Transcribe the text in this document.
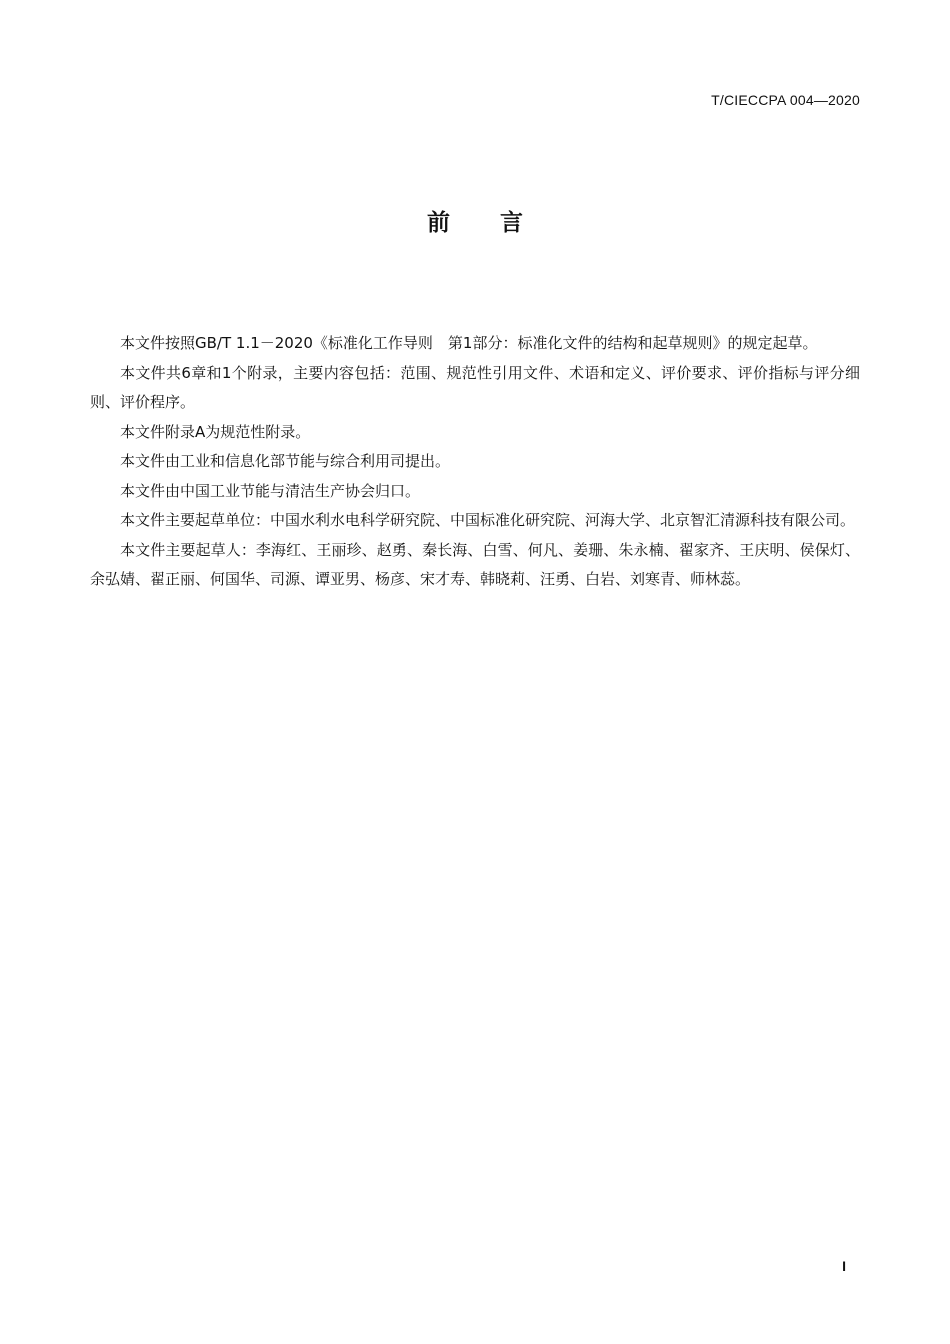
T/CIECCPA 004—2020
前 言

本文件按照GB/T 1.1－2020《标准化工作导则　第1部分：标准化文件的结构和起草规则》的规定起草。

本文件共6章和1个附录，主要内容包括：范围、规范性引用文件、术语和定义、评价要求、评价指标与评分细则、评价程序。

本文件附录A为规范性附录。

本文件由工业和信息化部节能与综合利用司提出。

本文件由中国工业节能与清洁生产协会归口。

本文件主要起草单位：中国水利水电科学研究院、中国标准化研究院、河海大学、北京智汇清源科技有限公司。

本文件主要起草人：李海红、王丽珍、赵勇、秦长海、白雪、何凡、姜珊、朱永楠、翟家齐、王庆明、侯保灯、余弘婧、翟正丽、何国华、司源、谭亚男、杨彦、宋才寿、韩晓莉、汪勇、白岩、刘寒青、师林蕊。

I
